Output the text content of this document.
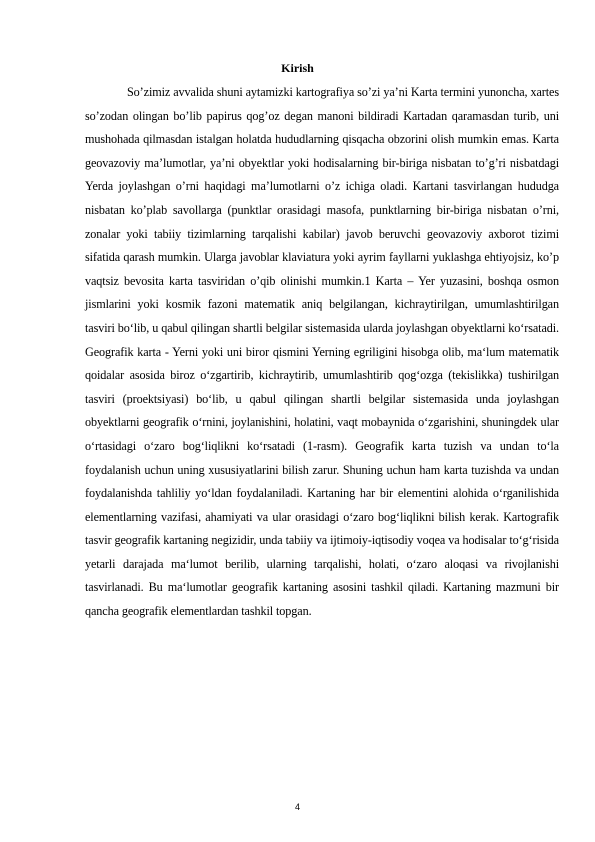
Kirish

So’zimiz avvalida shuni aytamizki kartografiya so’zi ya’ni Karta termini yunoncha, xartes so’zodan olingan bo’lib papirus qog’oz degan manoni bildiradi Kartadan qaramasdan turib, uni mushohada qilmasdan istalgan holatda hududlarning qisqacha obzorini olish mumkin emas. Karta geovazoviy ma’lumotlar, ya’ni obyektlar yoki hodisalarning bir-biriga nisbatan to’g’ri nisbatdagi Yerda joylashgan o’rni haqidagi ma’lumotlarni o’z ichiga oladi. Kartani tasvirlangan hududga nisbatan ko’plab savollarga (punktlar orasidagi masofa, punktlarning bir-biriga nisbatan o’rni, zonalar yoki tabiiy tizimlarning tarqalishi kabilar) javob beruvchi geovazoviy axborot tizimi sifatida qarash mumkin. Ularga javoblar klaviatura yoki ayrim fayllarni yuklashga ehtiyojsiz, ko’p vaqtsiz bevosita karta tasviridan o’qib olinishi mumkin.1 Karta – Yer yuzasini, boshqa osmon jismlarini yoki kosmik fazoni matematik aniq belgilangan, kichraytirilgan, umumlashtirilgan tasviri bo‘lib, u qabul qilingan shartli belgilar sistemasida ularda joylashgan obyektlarni ko‘rsatadi. Geografik karta - Yerni yoki uni biror qismini Yerning egriligini hisobga olib, ma‘lum matematik qoidalar asosida biroz o‘zgartirib, kichraytirib, umumlashtirib qog‘ozga (tekislikka) tushirilgan tasviri (proektsiyasi) bo‘lib, u qabul qilingan shartli belgilar sistemasida unda joylashgan obyektlarni geografik o‘rnini, joylanishini, holatini, vaqt mobaynida o‘zgarishini, shuningdek ular o‘rtasidagi o‘zaro bog‘liqlikni ko‘rsatadi (1-rasm). Geografik karta tuzish va undan to‘la foydalanish uchun uning xususiyatlarini bilish zarur. Shuning uchun ham karta tuzishda va undan foydalanishda tahliliy yo‘ldan foydalaniladi. Kartaning har bir elementini alohida o‘rganilishida elementlarning vazifasi, ahamiyati va ular orasidagi o‘zaro bog‘liqlikni bilish kerak. Kartografik tasvir geografik kartaning negizidir, unda tabiiy va ijtimoiy-iqtisodiy voqea va hodisalar to‘g‘risida yetarli darajada ma‘lumot berilib, ularning tarqalishi, holati, o‘zaro aloqasi va rivojlanishi tasvirlanadi. Bu ma‘lumotlar geografik kartaning asosini tashkil qiladi. Kartaning mazmuni bir qancha geografik elementlardan tashkil topgan.

4
